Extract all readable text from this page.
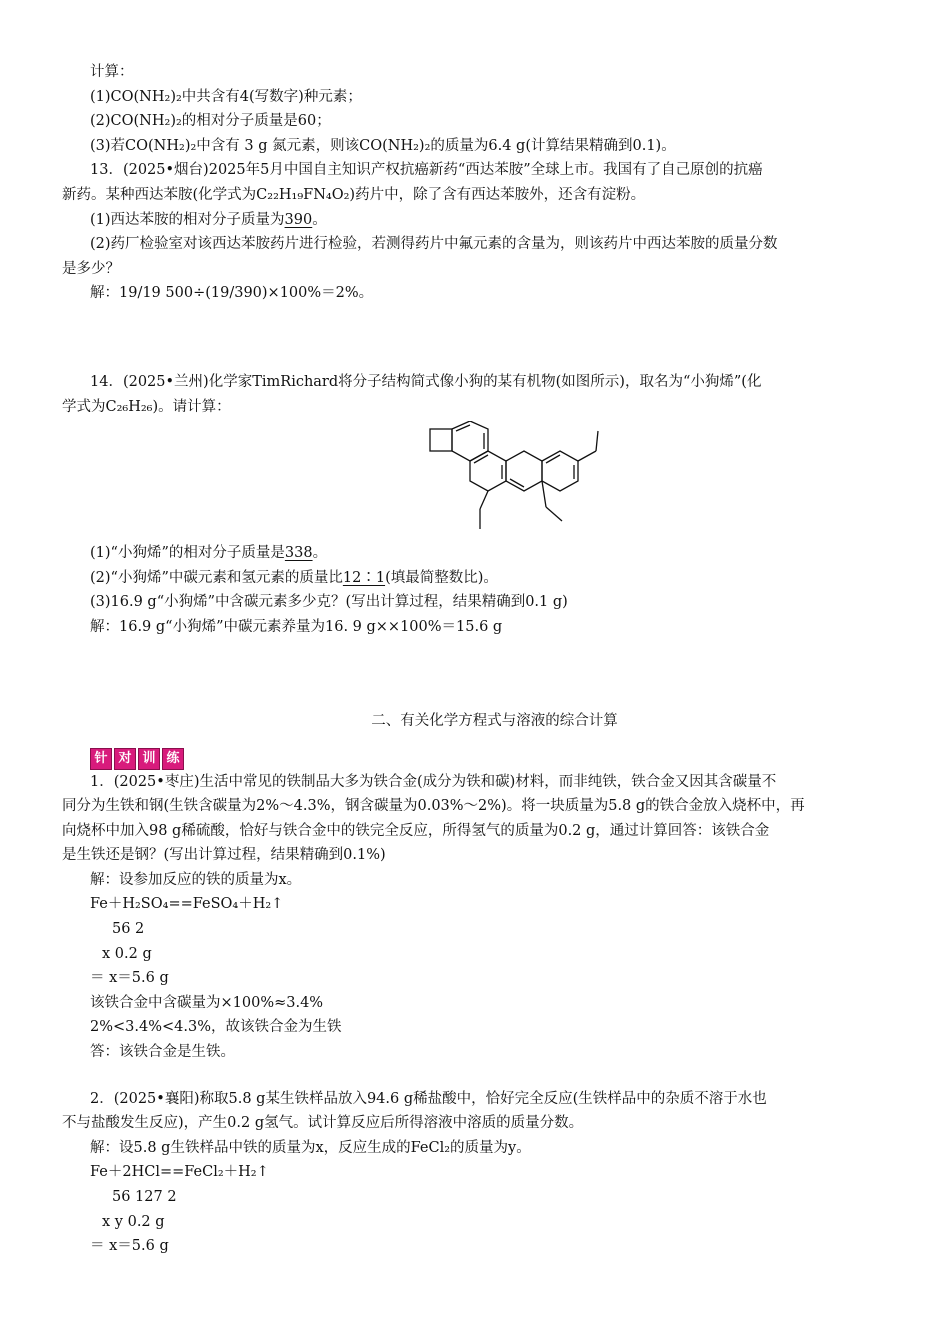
计算：
(1)CO(NH₂)₂中共含有4(写数字)种元素；
(2)CO(NH₂)₂的相对分子质量是60；
(3)若CO(NH₂)₂中含有 3 g 氮元素，则该CO(NH₂)₂的质量为6.4 g(计算结果精确到0.1)。
13．(2025•烟台)2025年5月中国自主知识产权抗癌新药“西达苯胺”全球上市。我国有了自己原创的抗癌
新药。某种西达苯胺(化学式为C₂₂H₁₉FN₄O₂)药片中，除了含有西达苯胺外，还含有淀粉。
(1)西达苯胺的相对分子质量为390。
(2)药厂检验室对该西达苯胺药片进行检验，若测得药片中氟元素的含量为，则该药片中西达苯胺的质量分数
是多少？
解：19/19 500÷(19/390)×100%＝2%。
14．(2025•兰州)化学家TimRichard将分子结构简式像小狗的某有机物(如图所示)，取名为“小狗烯”(化
学式为C₂₆H₂₆)。请计算：
(1)“小狗烯”的相对分子质量是338。
(2)“小狗烯”中碳元素和氢元素的质量比12∶1(填最简整数比)。
(3)16.9 g“小狗烯”中含碳元素多少克？(写出计算过程，结果精确到0.1 g)
解：16.9 g“小狗烯”中碳元素养量为16. 9 g××100%＝15.6 g
二、有关化学方程式与溶液的综合计算
针 对 训 练
1．(2025•枣庄)生活中常见的铁制品大多为铁合金(成分为铁和碳)材料，而非纯铁，铁合金又因其含碳量不
同分为生铁和钢(生铁含碳量为2%～4.3%，钢含碳量为0.03%～2%)。将一块质量为5.8 g的铁合金放入烧杯中，再
向烧杯中加入98 g稀硫酸，恰好与铁合金中的铁完全反应，所得氢气的质量为0.2 g，通过计算回答：该铁合金
是生铁还是钢？(写出计算过程，结果精确到0.1%)
解：设参加反应的铁的质量为x。
Fe＋H₂SO₄==FeSO₄＋H₂↑
56 2
x 0.2 g
＝ x＝5.6 g
该铁合金中含碳量为×100%≈3.4%
2%<3.4%<4.3%，故该铁合金为生铁
答：该铁合金是生铁。
2．(2025•襄阳)称取5.8 g某生铁样品放入94.6 g稀盐酸中，恰好完全反应(生铁样品中的杂质不溶于水也
不与盐酸发生反应)，产生0.2 g氢气。试计算反应后所得溶液中溶质的质量分数。
解：设5.8 g生铁样品中铁的质量为x，反应生成的FeCl₂的质量为y。
Fe＋2HCl==FeCl₂＋H₂↑
56 127 2
x y 0.2 g
＝ x＝5.6 g
